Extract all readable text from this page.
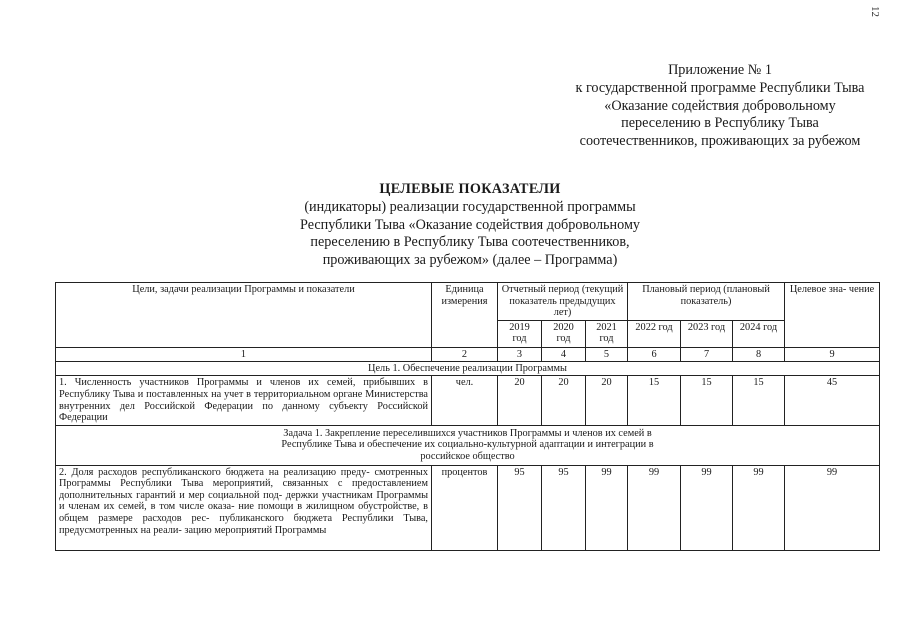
12
Приложение № 1
к государственной программе Республики Тыва
«Оказание содействия добровольному
переселению в Республику Тыва
соотечественников, проживающих за рубежом
ЦЕЛЕВЫЕ ПОКАЗАТЕЛИ
(индикаторы) реализации государственной программы
Республики Тыва «Оказание содействия добровольному
переселению в Республику Тыва соотечественников,
проживающих за рубежом» (далее – Программа)
Цели, задачи реализации Программы и показатели	Единица измерения	Отчетный период (текущий показатель предыдущих лет)			Плановый период (плановый показатель)			Целевое зна- чение
		2019 год	2020 год	2021 год	2022 год	2023 год	2024 год	
1	2	3	4	5	6	7	8	9
Цель 1. Обеспечение реализации Программы								
1. Численность участников Программы и членов их семей, прибывших в Республику Тыва и поставленных на учет в территориальном органе Министерства внутренних дел Российской Федерации по данному субъекту Российской Федерации	чел.	20	20	20	15	15	15	45
Задача 1. Закрепление переселившихся участников Программы и членов их семей в Республике Тыва и обеспечение их социально-культурной адаптации и интеграции в российское общество								
2. Доля расходов республиканского бюджета на реализацию преду- смотренных Программы Республики Тыва мероприятий, связанных с предоставлением дополнительных гарантий и мер социальной под- держки участникам Программы и членам их семей, в том числе оказа- ние помощи в жилищном обустройстве, в общем размере расходов рес- публиканского бюджета Республики Тыва, предусмотренных на реали- зацию мероприятий Программы	процентов	95	95	99	99	99	99	99
